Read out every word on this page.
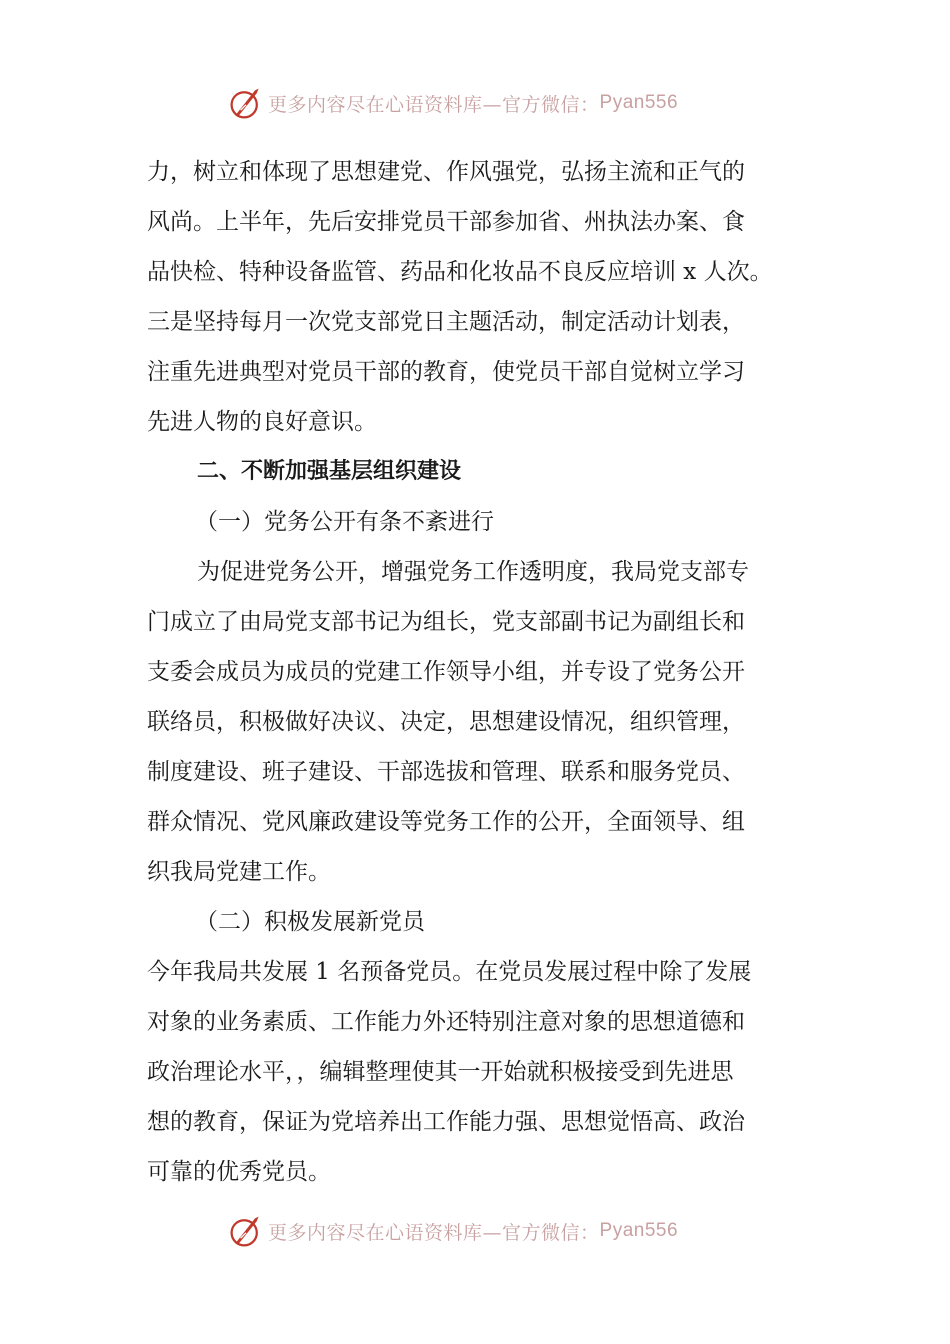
更多内容尽在心语资料库—官方微信： Pyan556
力，树立和体现了思想建党、作风强党，弘扬主流和正气的
风尚。上半年，先后安排党员干部参加省、州执法办案、食
品快检、特种设备监管、药品和化妆品不良反应培训 x 人次。
三是坚持每月一次党支部党日主题活动，制定活动计划表，
注重先进典型对党员干部的教育，使党员干部自觉树立学习
先进人物的良好意识。
二、不断加强基层组织建设
（一）党务公开有条不紊进行
为促进党务公开，增强党务工作透明度，我局党支部专
门成立了由局党支部书记为组长，党支部副书记为副组长和
支委会成员为成员的党建工作领导小组，并专设了党务公开
联络员，积极做好决议、决定，思想建设情况，组织管理，
制度建设、班子建设、干部选拔和管理、联系和服务党员、
群众情况、党风廉政建设等党务工作的公开，全面领导、组
织我局党建工作。
（二）积极发展新党员
今年我局共发展 1 名预备党员。在党员发展过程中除了发展
对象的业务素质、工作能力外还特别注意对象的思想道德和
政治理论水平，，编辑整理使其一开始就积极接受到先进思
想的教育，保证为党培养出工作能力强、思想觉悟高、政治
可靠的优秀党员。
更多内容尽在心语资料库—官方微信： Pyan556
